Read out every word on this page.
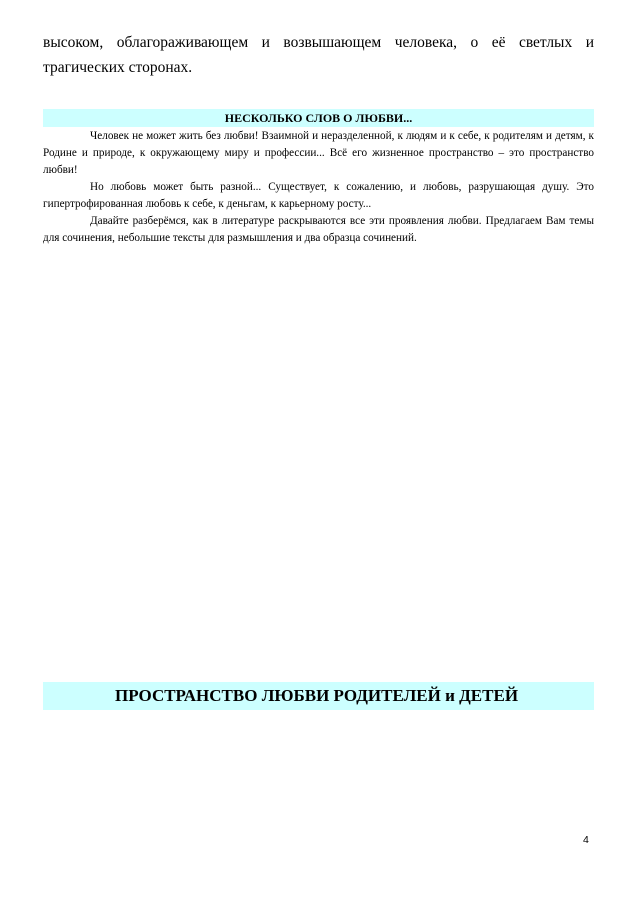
высоком, облагораживающем и возвышающем человека, о её светлых и трагических сторонах.
НЕСКОЛЬКО СЛОВ О ЛЮБВИ...

Человек не может жить без любви! Взаимной и неразделенной, к людям и к себе, к родителям и детям, к Родине и природе, к окружающему миру и профессии... Всё его жизненное пространство – это пространство любви!

Но любовь может быть разной... Существует, к сожалению, и любовь, разрушающая душу. Это гипертрофированная любовь к себе, к деньгам, к карьерному росту...

Давайте разберёмся, как в литературе раскрываются все эти проявления любви. Предлагаем Вам темы для сочинения, небольшие тексты для размышления и два образца сочинений.

ПРОСТРАНСТВО ЛЮБВИ РОДИТЕЛЕЙ и ДЕТЕЙ
4
